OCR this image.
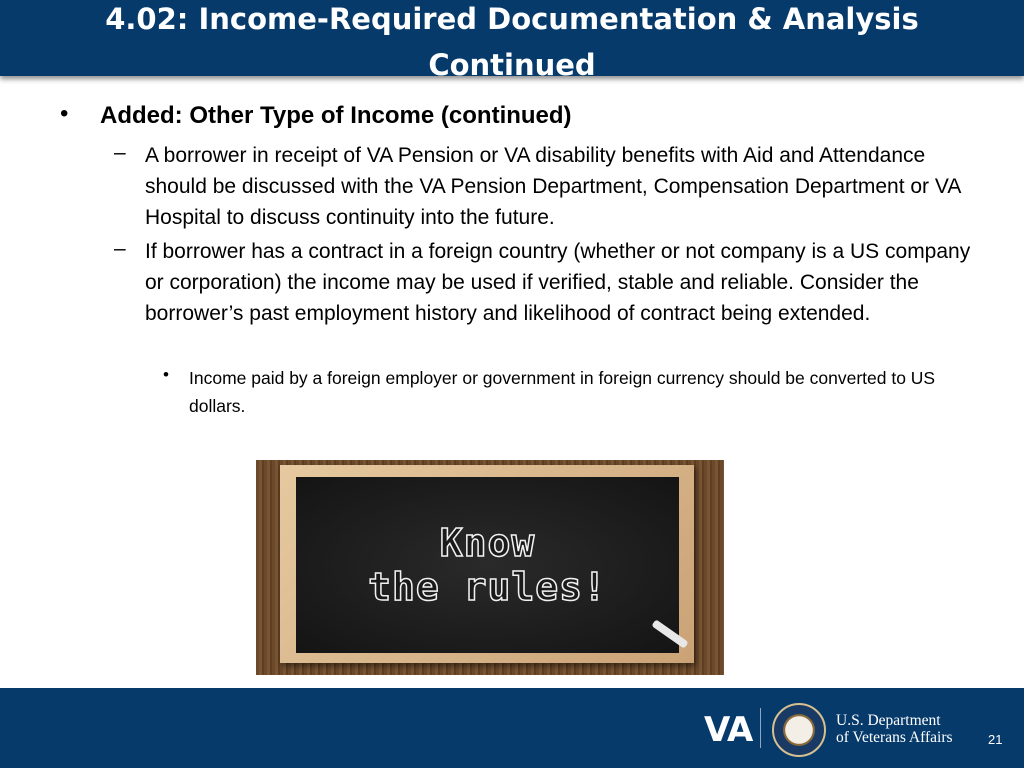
4.02: Income-Required Documentation & Analysis
Continued
• Added: Other Type of Income (continued)
– A borrower in receipt of VA Pension or VA disability benefits with Aid and Attendance should be discussed with the VA Pension Department, Compensation Department or VA Hospital to discuss continuity into the future.
– If borrower has a contract in a foreign country (whether or not company is a US company or corporation) the income may be used if verified, stable and reliable. Consider the borrower’s past employment history and likelihood of contract being extended.
• Income paid by a foreign employer or government in foreign currency should be converted to US dollars.
Know
the rules!
VA	U.S. Department
of Veterans Affairs	21
